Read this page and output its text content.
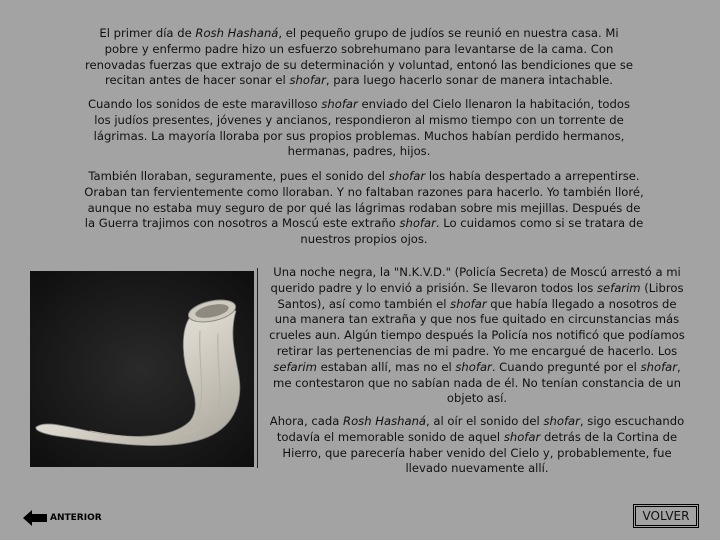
El primer día de Rosh Hashaná, el pequeño grupo de judíos se reunió en nuestra casa. Mi pobre y enfermo padre hizo un esfuerzo sobrehumano para levantarse de la cama. Con renovadas fuerzas que extrajo de su determinación y voluntad, entonó las bendiciones que se recitan antes de hacer sonar el shofar, para luego hacerlo sonar de manera intachable.

Cuando los sonidos de este maravilloso shofar enviado del Cielo llenaron la habitación, todos los judíos presentes, jóvenes y ancianos, respondieron al mismo tiempo con un torrente de lágrimas. La mayoría lloraba por sus propios problemas. Muchos habían perdido hermanos, hermanas, padres, hijos.

También lloraban, seguramente, pues el sonido del shofar los había despertado a arrepentirse. Oraban tan fervientemente como lloraban. Y no faltaban razones para hacerlo. Yo también lloré, aunque no estaba muy seguro de por qué las lágrimas rodaban sobre mis mejillas. Después de la Guerra trajimos con nosotros a Moscú este extraño shofar. Lo cuidamos como si se tratara de nuestros propios ojos.

Una noche negra, la "N.K.V.D." (Policía Secreta) de Moscú arrestó a mi querido padre y lo envió a prisión. Se llevaron todos los sefarim (Libros Santos), así como también el shofar que había llegado a nosotros de una manera tan extraña y que nos fue quitado en circunstancias más crueles aun. Algún tiempo después la Policía nos notificó que podíamos retirar las pertenencias de mi padre. Yo me encargué de hacerlo. Los sefarim estaban allí, mas no el shofar. Cuando pregunté por el shofar, me contestaron que no sabían nada de él. No tenían constancia de un objeto así.

Ahora, cada Rosh Hashaná, al oír el sonido del shofar, sigo escuchando todavía el memorable sonido de aquel shofar detrás de la Cortina de Hierro, que parecería haber venido del Cielo y, probablemente, fue llevado nuevamente allí.

ANTERIOR	VOLVER
